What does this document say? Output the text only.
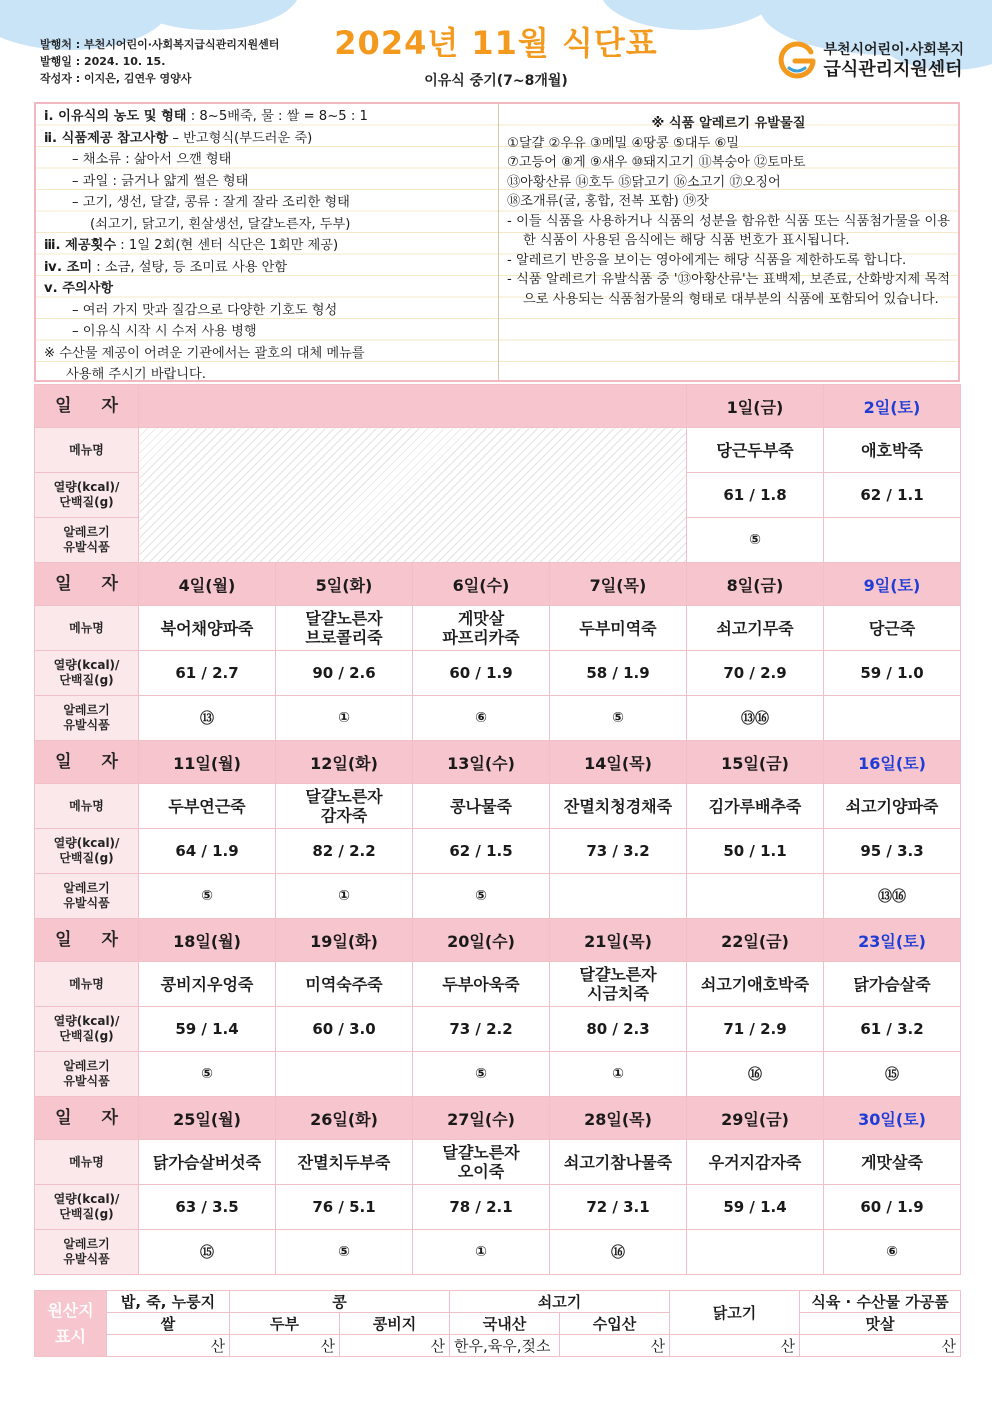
발행처 : 부천시어린이·사회복지급식관리지원센터
발행일 : 2024. 10. 15.
작성자 : 이지은, 김연우 영양사
2024년 11월 식단표
이유식 중기(7~8개월)
부천시어린이·사회복지
급식관리지원센터
ⅰ. 이유식의 농도 및 형태 : 8~5배죽, 물 : 쌀 = 8~5 : 1
ⅱ. 식품제공 참고사항 – 반고형식(부드러운 죽)
– 채소류 : 삶아서 으깬 형태
– 과일 : 긁거나 얇게 썰은 형태
– 고기, 생선, 달걀, 콩류 : 잘게 잘라 조리한 형태
(쇠고기, 닭고기, 흰살생선, 달걀노른자, 두부)
ⅲ. 제공횟수 : 1일 2회(현 센터 식단은 1회만 제공)
ⅳ. 조미 : 소금, 설탕, 등 조미료 사용 안함
ⅴ. 주의사항
– 여러 가지 맛과 질감으로 다양한 기호도 형성
– 이유식 시작 시 수저 사용 병행
※ 수산물 제공이 어려운 기관에서는 괄호의 대체 메뉴를
사용해 주시기 바랍니다.
※ 식품 알레르기 유발물질
①달걀 ②우유 ③메밀 ④땅콩 ⑤대두 ⑥밀
⑦고등어 ⑧게 ⑨새우 ⑩돼지고기 ⑪복숭아 ⑫토마토
⑬아황산류 ⑭호두 ⑮닭고기 ⑯소고기 ⑰오징어
⑱조개류(굴, 홍합, 전복 포함) ⑲잣
- 이들 식품을 사용하거나 식품의 성분을 함유한 식품 또는 식품첨가물을 이용한 식품이 사용된 음식에는 해당 식품 번호가 표시됩니다.
- 알레르기 반응을 보이는 영아에게는 해당 식품을 제한하도록 합니다.
- 식품 알레르기 유발식품 중 '⑬아황산류'는 표백제, 보존료, 산화방지제 목적으로 사용되는 식품첨가물의 형태로 대부분의 식품에 포함되어 있습니다.
일 자					1일(금)	2일(토)
메뉴명					당근두부죽	애호박죽
열량(kcal)/
단백질(g)					61 / 1.8	62 / 1.1
알레르기
유발식품					⑤	
일 자	4일(월)	5일(화)	6일(수)	7일(목)	8일(금)	9일(토)
메뉴명	북어채양파죽	달걀노른자
브로콜리죽	게맛살
파프리카죽	두부미역죽	쇠고기무죽	당근죽
열량(kcal)/
단백질(g)	61 / 2.7	90 / 2.6	60 / 1.9	58 / 1.9	70 / 2.9	59 / 1.0
알레르기
유발식품	⑬	①	⑥	⑤	⑬⑯	
일 자	11일(월)	12일(화)	13일(수)	14일(목)	15일(금)	16일(토)
메뉴명	두부연근죽	달걀노른자
감자죽	콩나물죽	잔멸치청경채죽	김가루배추죽	쇠고기양파죽
열량(kcal)/
단백질(g)	64 / 1.9	82 / 2.2	62 / 1.5	73 / 3.2	50 / 1.1	95 / 3.3
알레르기
유발식품	⑤	①	⑤			⑬⑯
일 자	18일(월)	19일(화)	20일(수)	21일(목)	22일(금)	23일(토)
메뉴명	콩비지우엉죽	미역숙주죽	두부아욱죽	달걀노른자
시금치죽	쇠고기애호박죽	닭가슴살죽
열량(kcal)/
단백질(g)	59 / 1.4	60 / 3.0	73 / 2.2	80 / 2.3	71 / 2.9	61 / 3.2
알레르기
유발식품	⑤		⑤	①	⑯	⑮
일 자	25일(월)	26일(화)	27일(수)	28일(목)	29일(금)	30일(토)
메뉴명	닭가슴살버섯죽	잔멸치두부죽	달걀노른자
오이죽	쇠고기참나물죽	우거지감자죽	게맛살죽
열량(kcal)/
단백질(g)	63 / 3.5	76 / 5.1	78 / 2.1	72 / 3.1	59 / 1.4	60 / 1.9
알레르기
유발식품	⑮	⑤	①	⑯		⑥
원산지
표시	밥, 죽, 누룽지	콩		쇠고기		닭고기	식육 · 수산물 가공품
	쌀	두부	콩비지	국내산	수입산		맛살
	산	산	산	한우,육우,젖소	산	산	산
